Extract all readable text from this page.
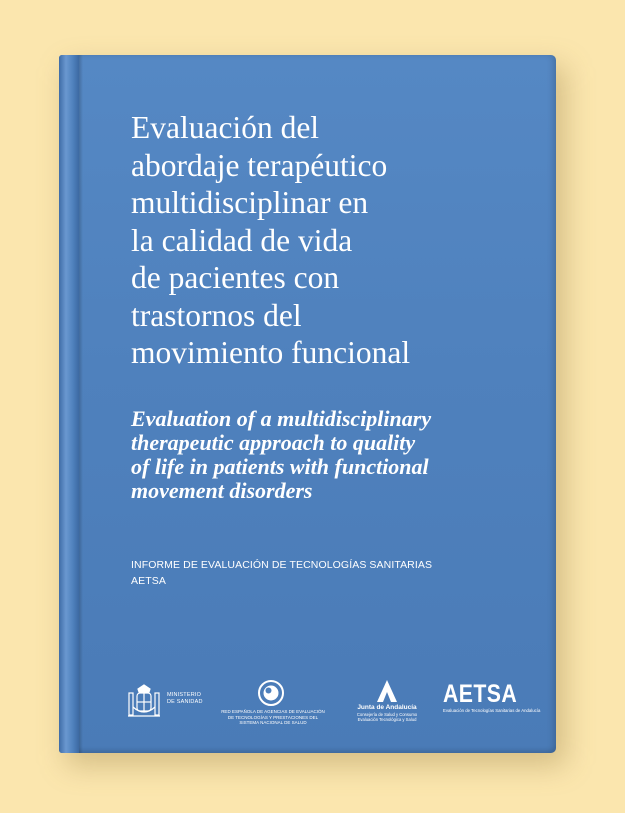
Evaluación del
abordaje terapéutico
multidisciplinar en
la calidad de vida
de pacientes con
trastornos del
movimiento funcional
Evaluation of a multidisciplinary
therapeutic approach to quality
of life in patients with functional
movement disorders
INFORME DE EVALUACIÓN DE TECNOLOGÍAS SANITARIAS
AETSA
MINISTERIO
DE SANIDAD
RED ESPAÑOLA DE AGENCIAS DE EVALUACIÓN
DE TECNOLOGÍAS Y PRESTACIONES DEL SISTEMA NACIONAL DE SALUD
Junta de Andalucía
Consejería de Salud y Consumo
Evaluación Tecnológica y Salud
AETSA
Evaluación de Tecnologías Sanitarias de Andalucía
